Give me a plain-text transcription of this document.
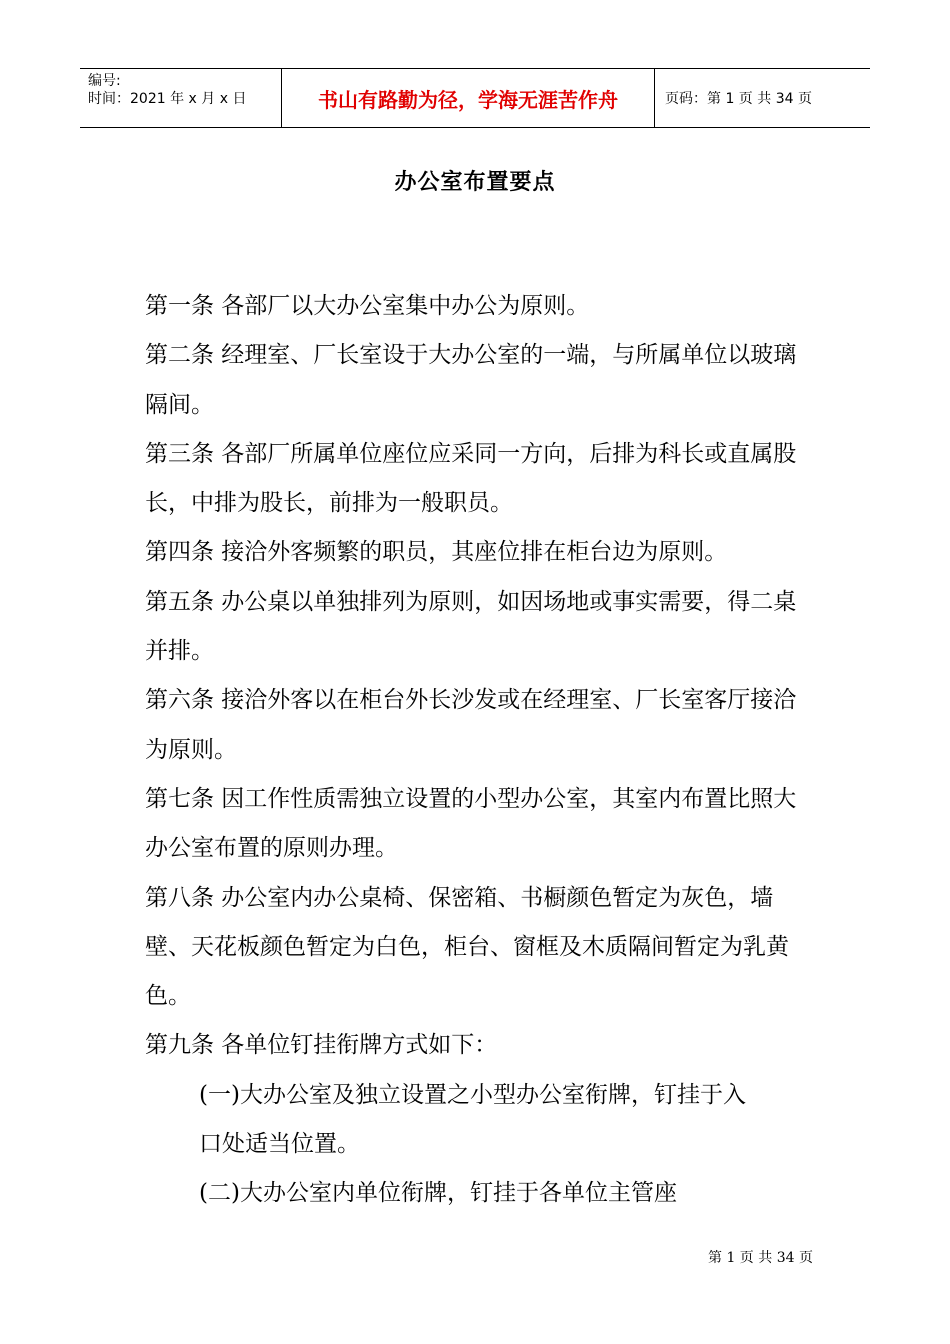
编号:
时间：2021 年 x 月 x 日	书山有路勤为径，学海无涯苦作舟	页码：第 1 页 共 34 页
办公室布置要点

第一条 各部厂以大办公室集中办公为原则。

第二条 经理室、厂长室设于大办公室的一端，与所属单位以玻璃隔间。

第三条 各部厂所属单位座位应采同一方向，后排为科长或直属股长，中排为股长，前排为一般职员。

第四条 接洽外客频繁的职员，其座位排在柜台边为原则。

第五条 办公桌以单独排列为原则，如因场地或事实需要，得二桌并排。

第六条 接洽外客以在柜台外长沙发或在经理室、厂长室客厅接洽为原则。

第七条 因工作性质需独立设置的小型办公室，其室内布置比照大办公室布置的原则办理。

第八条 办公室内办公桌椅、保密箱、书橱颜色暂定为灰色，墙壁、天花板颜色暂定为白色，柜台、窗框及木质隔间暂定为乳黄色。

第九条 各单位钉挂衔牌方式如下：

(一)大办公室及独立设置之小型办公室衔牌，钉挂于入口处适当位置。

(二)大办公室内单位衔牌，钉挂于各单位主管座

第 1 页 共 34 页
